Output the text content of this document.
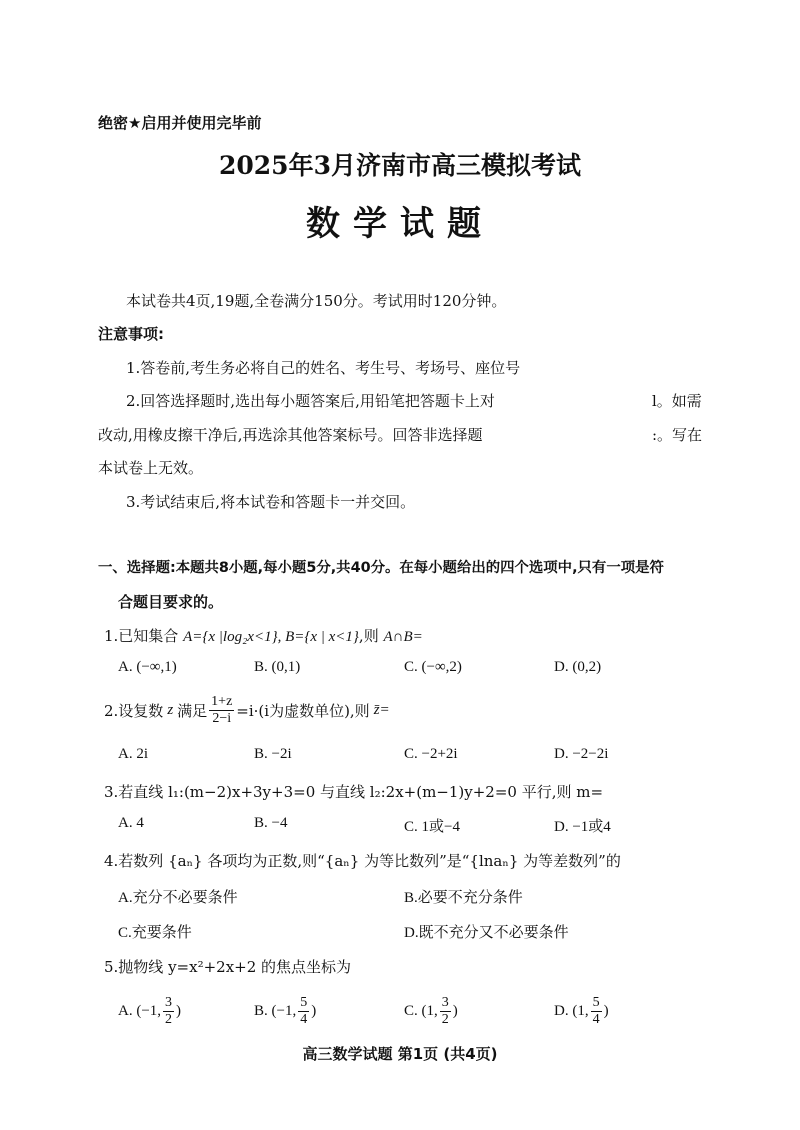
绝密★启用并使用完毕前
2025年3月济南市高三模拟考试
数学试题
本试卷共4页,19题,全卷满分150分。考试用时120分钟。
注意事项:
1.答卷前,考生务必将自己的姓名、考生号、考场号、座位号
2.回答选择题时,选出每小题答案后,用铅笔把答题卡上对	l。如需
改动,用橡皮擦干净后,再选涂其他答案标号。回答非选择题	:。写在
本试卷上无效。
3.考试结束后,将本试卷和答题卡一并交回。
一、选择题:本题共8小题,每小题5分,共40分。在每小题给出的四个选项中,只有一项是符
合题目要求的。
1.已知集合 A={x |log₂x<1}, B={x | x<1},则 A∩B=
A. (−∞,1)	B. (0,1)	C. (−∞,2)	D. (0,2)
2.设复数 z 满足 $\frac{1+z}{2-i} =i\cdot(i$为虚数单位),则 z̄=
A. 2i	B. −2i	C. −2+2i	D. −2−2i
3.若直线 l₁:(m−2)x+3y+3=0 与直线 l₂:2x+(m−1)y+2=0 平行,则 m=
A. 4	B. −4	C. 1或−4	D. −1或4
4.若数列 {aₙ} 各项均为正数,则“{aₙ} 为等比数列”是“{lnaₙ} 为等差数列”的
A.充分不必要条件	B.必要不充分条件
C.充要条件	D.既不充分又不必要条件
5.抛物线 y=x²+2x+2 的焦点坐标为
A. (−1, $\frac{3}{2}$ )	B. (−1, $\frac{5}{4}$ )	C. (1, $\frac{3}{2}$ )	D. (1, $\frac{5}{4}$ )
高三数学试题 第1页 (共4页)
